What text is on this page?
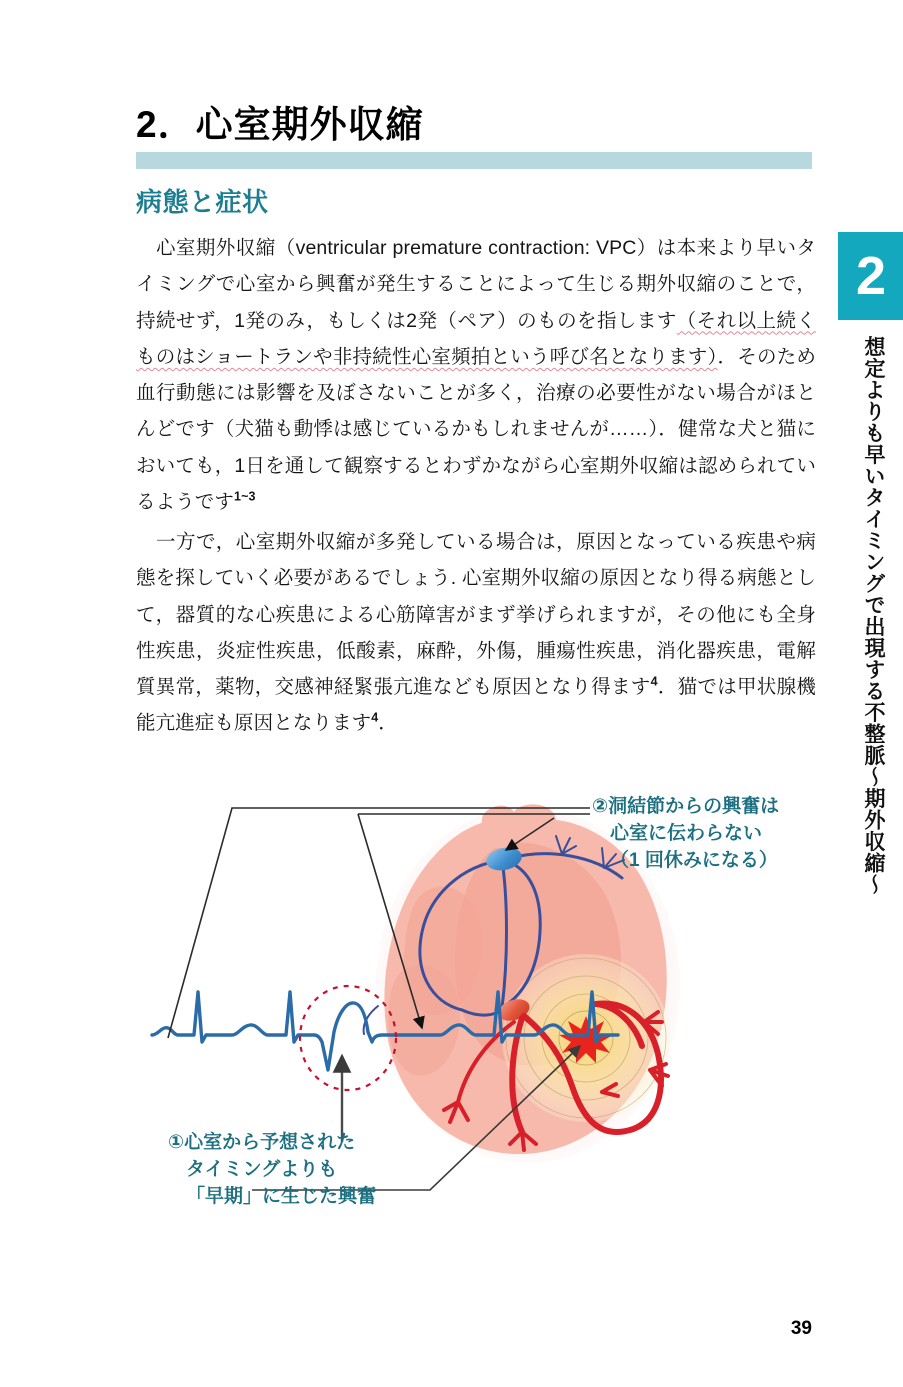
2
想定よりも早いタイミングで出現する不整脈〜期外収縮〜
2．心室期外収縮
病態と症状
　心室期外収縮（ventricular premature contraction: VPC）は本来より早いタイミングで心室から興奮が発生することによって生じる期外収縮のことで，持続せず，1発のみ，もしくは2発（ペア）のものを指します（それ以上続くものはショートランや非持続性心室頻拍という呼び名となります）．そのため血行動態には影響を及ぼさないことが多く，治療の必要性がない場合がほとんどです（犬猫も動悸は感じているかもしれませんが……）．健常な犬と猫においても，1日を通して観察するとわずかながら心室期外収縮は認められているようです$^{1\sim 3}$
　一方で，心室期外収縮が多発している場合は，原因となっている疾患や病態を探していく必要があるでしょう. 心室期外収縮の原因となり得る病態として，器質的な心疾患による心筋障害がまず挙げられますが，その他にも全身性疾患，炎症性疾患，低酸素，麻酔，外傷，腫瘍性疾患，消化器疾患，電解質異常，薬物，交感神経緊張亢進なども原因となり得ます$^4$．猫では甲状腺機能亢進症も原因となります$^4$．
②洞結節からの興奮は
心室に伝わらない
（1 回休みになる）
①心室から予想された
タイミングよりも
「早期」に生じた興奮
39
